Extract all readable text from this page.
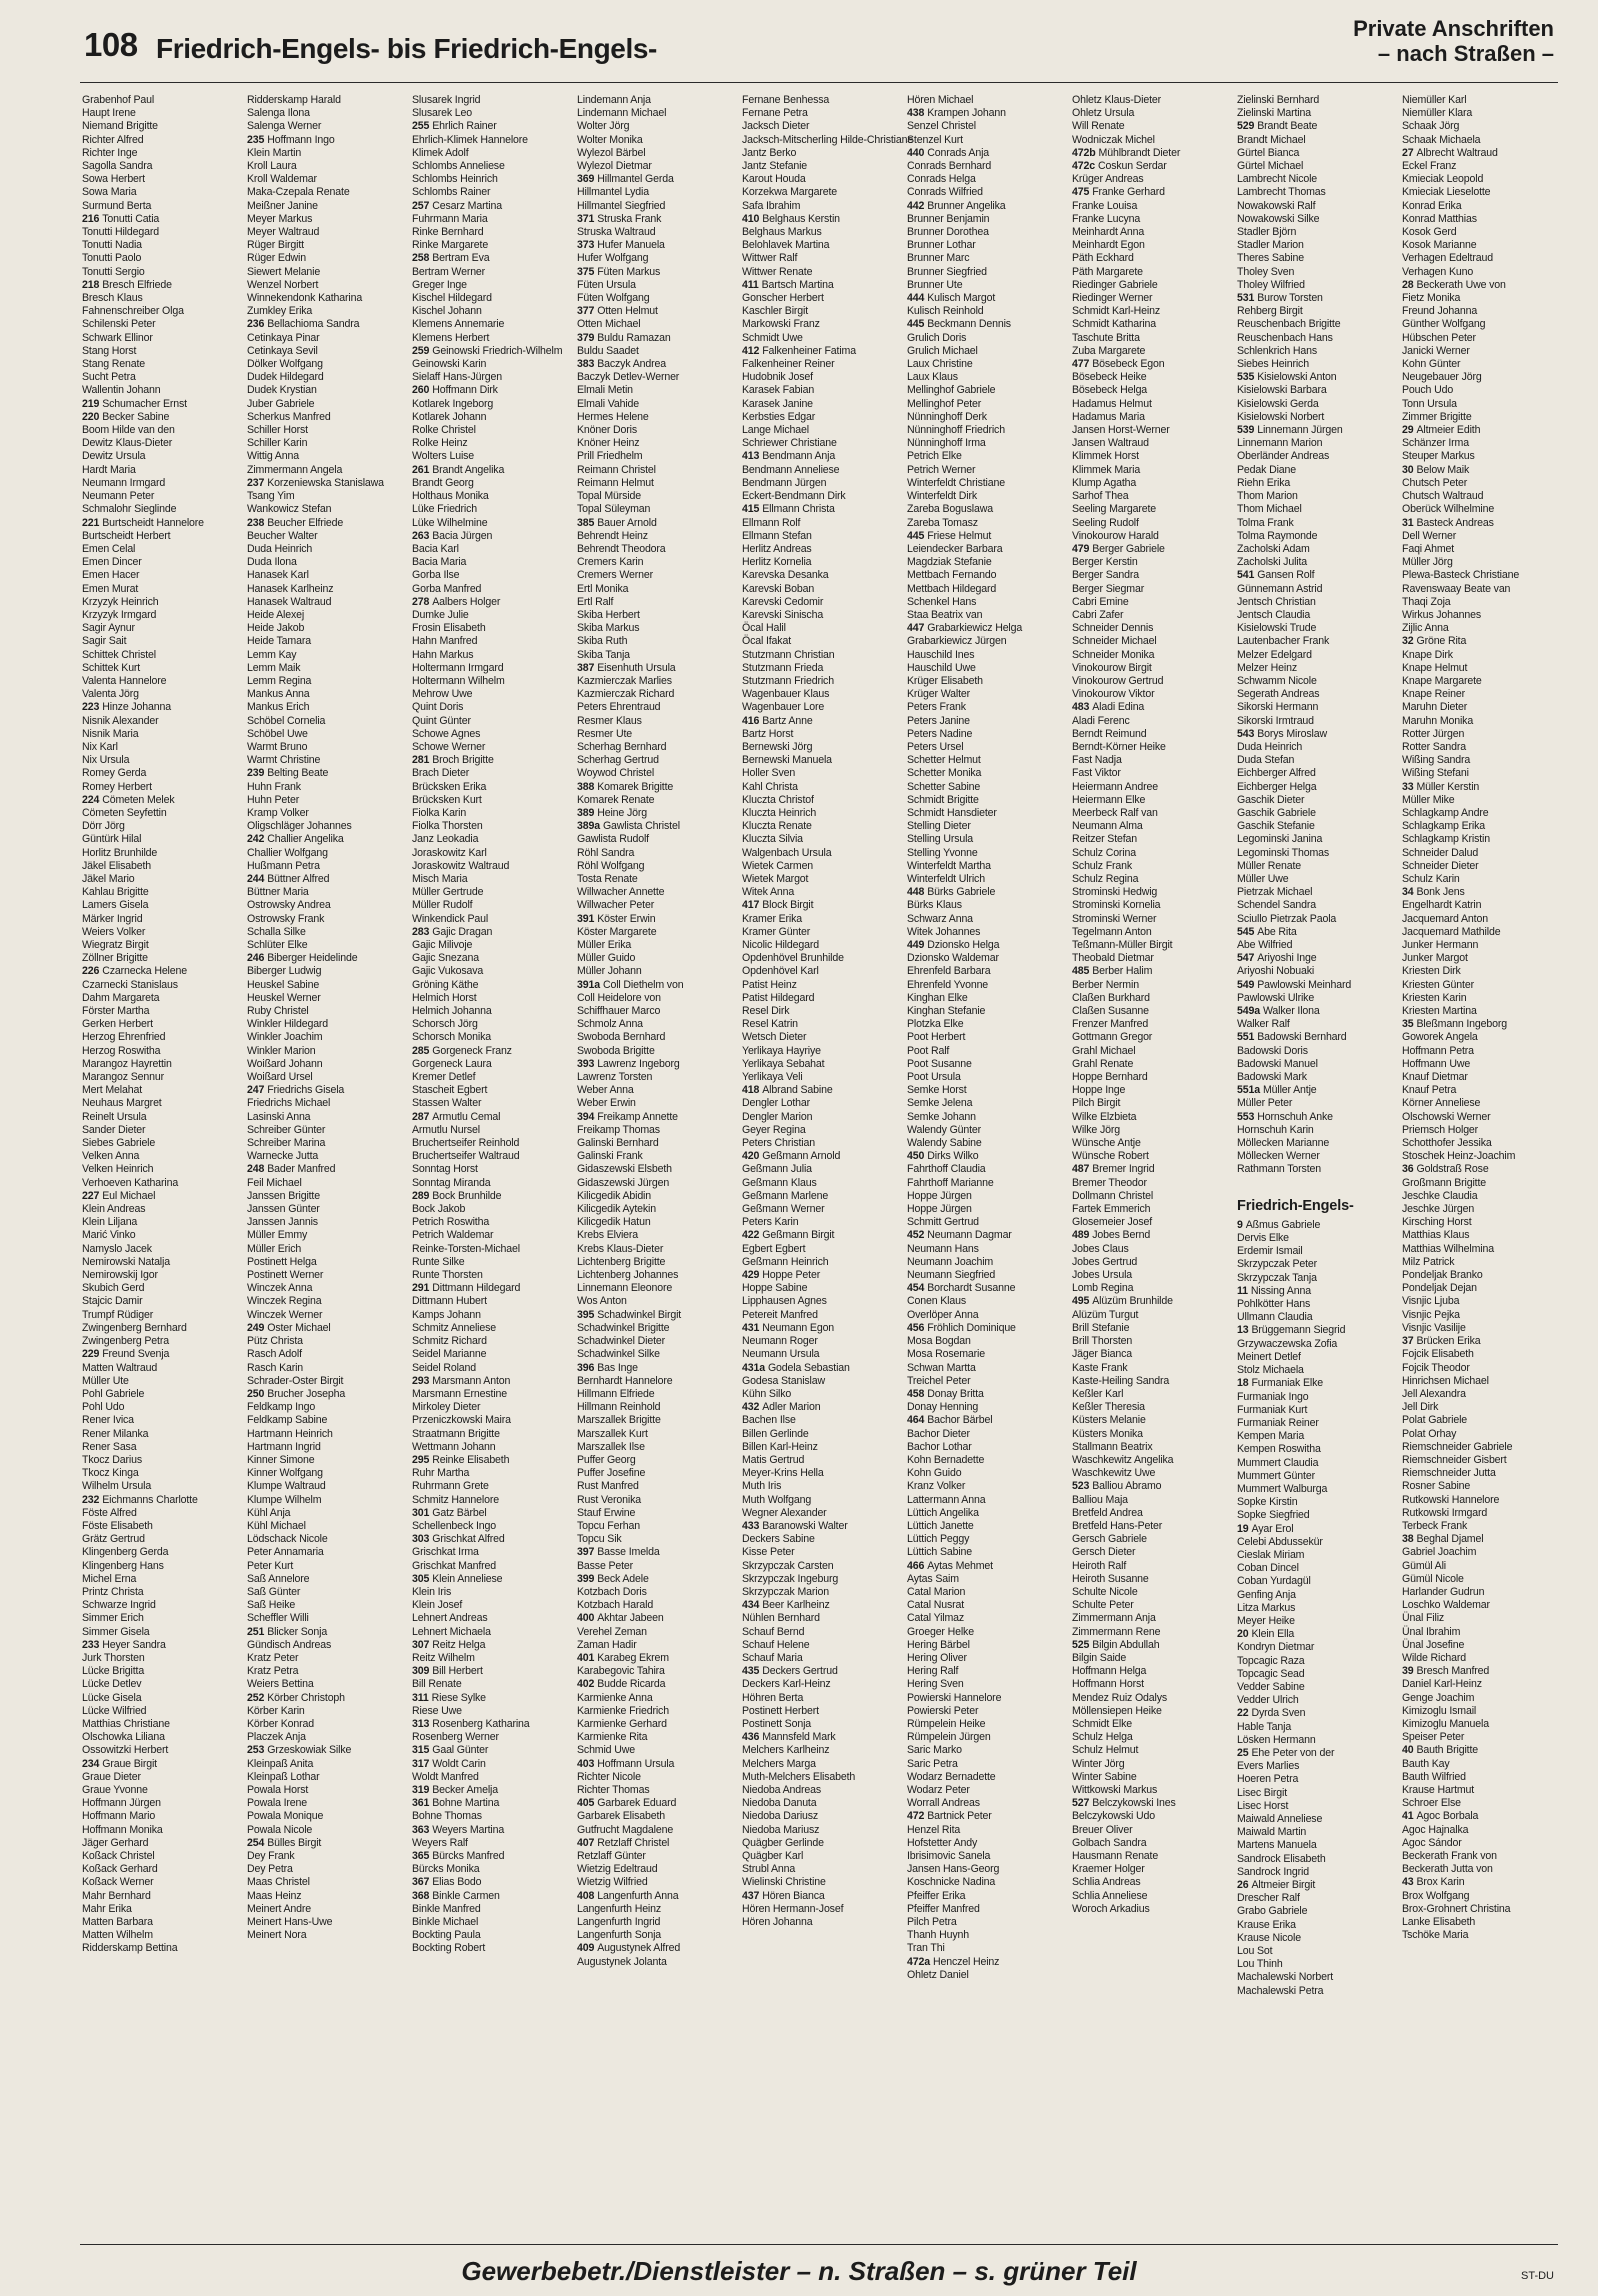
108 Friedrich-Engels- bis Friedrich-Engels-
Private Anschriften
– nach Straßen –
Grabenhof Paul
Haupt Irene
Niemand Brigitte
Richter Alfred
Richter Inge
Sagolla Sandra
Sowa Herbert
Sowa Maria
Surmund Berta
216 Tonutti Catia
Tonutti Hildegard
Tonutti Nadia
Tonutti Paolo
Tonutti Sergio
218 Bresch Elfriede
Bresch Klaus
Fahnenschreiber Olga
Schilenski Peter
Schwark Ellinor
Stang Horst
Stang Renate
Sucht Petra
Wallentin Johann
219 Schumacher Ernst
220 Becker Sabine
Boom Hilde van den
Dewitz Klaus-Dieter
Dewitz Ursula
Hardt Maria
Neumann Irmgard
Neumann Peter
Schmalohr Sieglinde
221 Burtscheidt Hannelore
Burtscheidt Herbert
Emen Celal
Emen Dincer
Emen Hacer
Emen Murat
Krzyzyk Heinrich
Krzyzyk Irmgard
Sagir Aynur
Sagir Sait
Schittek Christel
Schittek Kurt
Valenta Hannelore
Valenta Jörg
223 Hinze Johanna
Nisnik Alexander
Nisnik Maria
Nix Karl
Nix Ursula
Romey Gerda
Romey Herbert
224 Cömeten Melek
Cömeten Seyfettin
Dörr Jörg
Güntürk Hilal
Horlitz Brunhilde
Jäkel Elisabeth
Jäkel Mario
Kahlau Brigitte
Lamers Gisela
Märker Ingrid
Weiers Volker
Wiegratz Birgit
Zöllner Brigitte
226 Czarnecka Helene
Czarnecki Stanislaus
Dahm Margareta
Förster Martha
Gerken Herbert
Herzog Ehrenfried
Herzog Roswitha
Marangoz Hayrettin
Marangoz Sennur
Mert Melahat
Neuhaus Margret
Reinelt Ursula
Sander Dieter
Siebes Gabriele
Velken Anna
Velken Heinrich
Verhoeven Katharina
227 Eul Michael
Klein Andreas
Klein Liljana
Marić Vinko
Namyslo Jacek
Nemirowski Natalja
Nemirowskij Igor
Skubich Gerd
Stajcic Damir
Trumpf Rüdiger
Zwingenberg Bernhard
Zwingenberg Petra
229 Freund Svenja
Matten Waltraud
Müller Ute
Pohl Gabriele
Pohl Udo
Rener Ivica
Rener Milanka
Rener Sasa
Tkocz Darius
Tkocz Kinga
Wilhelm Ursula
232 Eichmanns Charlotte
Föste Alfred
Föste Elisabeth
Grätz Gertrud
Klingenberg Gerda
Klingenberg Hans
Michel Erna
Printz Christa
Schwarze Ingrid
Simmer Erich
Simmer Gisela
233 Heyer Sandra
Jurk Thorsten
Lücke Brigitta
Lücke Detlev
Lücke Gisela
Lücke Wilfried
Matthias Christiane
Olschowka Liliana
Ossowitzki Herbert
234 Graue Birgit
Graue Dieter
Graue Yvonne
Hoffmann Jürgen
Hoffmann Mario
Hoffmann Monika
Jäger Gerhard
Koßack Christel
Koßack Gerhard
Koßack Werner
Mahr Bernhard
Mahr Erika
Matten Barbara
Matten Wilhelm
Ridderskamp Bettina
Ridderskamp Harald
Salenga Ilona
Salenga Werner
235 Hoffmann Ingo
Klein Martin
Kroll Laura
Kroll Waldemar
Maka-Czepala Renate
Meißner Janine
Meyer Markus
Meyer Waltraud
Rüger Birgitt
Rüger Edwin
Siewert Melanie
Wenzel Norbert
Winnekendonk Katharina
Zumkley Erika
236 Bellachioma Sandra
Cetinkaya Pinar
Cetinkaya Sevil
Dölker Wolfgang
Dudek Hildegard
Dudek Krystian
Juber Gabriele
Scherkus Manfred
Schiller Horst
Schiller Karin
Wittig Anna
Zimmermann Angela
237 Korzeniewska Stanislawa
Tsang Yim
Wankowicz Stefan
238 Beucher Elfriede
Beucher Walter
Duda Heinrich
Duda Ilona
Hanasek Karl
Hanasek Karlheinz
Hanasek Waltraud
Heide Alexej
Heide Jakob
Heide Tamara
Lemm Kay
Lemm Maik
Lemm Regina
Mankus Anna
Mankus Erich
Schöbel Cornelia
Schöbel Uwe
Warmt Bruno
Warmt Christine
239 Belting Beate
Huhn Frank
Huhn Peter
Kramp Volker
Oligschläger Johannes
242 Challier Angelika
Challier Wolfgang
Hußmann Petra
244 Büttner Alfred
Büttner Maria
Ostrowsky Andrea
Ostrowsky Frank
Schalla Silke
Schlüter Elke
246 Biberger Heidelinde
Biberger Ludwig
Heuskel Sabine
Heuskel Werner
Ruby Christel
Winkler Hildegard
Winkler Joachim
Winkler Marion
Woißard Johann
Woißard Ursel
247 Friedrichs Gisela
Friedrichs Michael
Lasinski Anna
Schreiber Günter
Schreiber Marina
Warnecke Jutta
248 Bader Manfred
Feil Michael
Janssen Brigitte
Janssen Günter
Janssen Jannis
Müller Emmy
Müller Erich
Postinett Helga
Postinett Werner
Winczek Anna
Winczek Regina
Winczek Werner
249 Oster Michael
Pütz Christa
Rasch Adolf
Rasch Karin
Schrader-Oster Birgit
250 Brucher Josepha
Feldkamp Ingo
Feldkamp Sabine
Hartmann Heinrich
Hartmann Ingrid
Kinner Simone
Kinner Wolfgang
Klumpe Waltraud
Klumpe Wilhelm
Kühl Anja
Kühl Michael
Lödschack Nicole
Peter Annamaria
Peter Kurt
Saß Annelore
Saß Günter
Saß Heike
Scheffler Willi
251 Blicker Sonja
Gündisch Andreas
Kratz Peter
Kratz Petra
Weiers Bettina
252 Körber Christoph
Körber Karin
Körber Konrad
Placzek Anja
253 Grzeskowiak Silke
Kleinpaß Anita
Kleinpaß Lothar
Powala Horst
Powala Irene
Powala Monique
Powala Nicole
254 Bülles Birgit
Dey Frank
Dey Petra
Maas Christel
Maas Heinz
Meinert Andre
Meinert Hans-Uwe
Meinert Nora
Slusarek Ingrid
Slusarek Leo
255 Ehrlich Rainer
Ehrlich-Klimek Hannelore
Klimek Adolf
Schlombs Anneliese
Schlombs Heinrich
Schlombs Rainer
257 Cesarz Martina
Fuhrmann Maria
Rinke Bernhard
Rinke Margarete
258 Bertram Eva
Bertram Werner
Greger Inge
Kischel Hildegard
Kischel Johann
Klemens Annemarie
Klemens Herbert
259 Geinowski Friedrich-Wilhelm
Geinowski Karin
Sielaff Hans-Jürgen
260 Hoffmann Dirk
Kotlarek Ingeborg
Kotlarek Johann
Rolke Christel
Rolke Heinz
Wolters Luise
261 Brandt Angelika
Brandt Georg
Holthaus Monika
Lüke Friedrich
Lüke Wilhelmine
263 Bacia Jürgen
Bacia Karl
Bacia Maria
Gorba Ilse
Gorba Manfred
278 Aalbers Holger
Dumke Julie
Frosin Elisabeth
Hahn Manfred
Hahn Markus
Holtermann Irmgard
Holtermann Wilhelm
Mehrow Uwe
Quint Doris
Quint Günter
Schowe Agnes
Schowe Werner
281 Broch Brigitte
Brach Dieter
Brücksken Erika
Brücksken Kurt
Fiolka Karin
Fiolka Thorsten
Janz Leokadia
Joraskowitz Karl
Joraskowitz Waltraud
Misch Maria
Müller Gertrude
Müller Rudolf
Winkendick Paul
283 Gajic Dragan
Gajic Milivoje
Gajic Snezana
Gajic Vukosava
Gröning Käthe
Helmich Horst
Helmich Johanna
Schorsch Jörg
Schorsch Monika
285 Gorgeneck Franz
Gorgeneck Laura
Kremer Detlef
Stascheit Egbert
Stassen Walter
287 Armutlu Cemal
Armutlu Nursel
Bruchertseifer Reinhold
Bruchertseifer Waltraud
Sonntag Horst
Sonntag Miranda
289 Bock Brunhilde
Bock Jakob
Petrich Roswitha
Petrich Waldemar
Reinke-Torsten-Michael
Runte Silke
Runte Thorsten
291 Dittmann Hildegard
Dittmann Hubert
Kamps Johann
Schmitz Anneliese
Schmitz Richard
Seidel Marianne
Seidel Roland
293 Marsmann Anton
Marsmann Ernestine
Mirkoley Dieter
Przeniczkowski Maira
Straatmann Brigitte
Wettmann Johann
295 Reinke Elisabeth
Ruhr Martha
Ruhrmann Grete
Schmitz Hannelore
301 Gatz Bärbel
Schellenbeck Ingo
303 Grischkat Alfred
Grischkat Irma
Grischkat Manfred
305 Klein Anneliese
Klein Iris
Klein Josef
Lehnert Andreas
Lehnert Michaela
307 Reitz Helga
Reitz Wilhelm
309 Bill Herbert
Bill Renate
311 Riese Sylke
Riese Uwe
313 Rosenberg Katharina
Rosenberg Werner
315 Gaal Günter
317 Woldt Carin
Woldt Manfred
319 Becker Amelja
361 Bohne Martina
Bohne Thomas
363 Weyers Martina
Weyers Ralf
365 Bürcks Manfred
Bürcks Monika
367 Elias Bodo
368 Binkle Carmen
Binkle Manfred
Binkle Michael
Bockting Paula
Bockting Robert
Lindemann Anja
Lindemann Michael
Wolter Jörg
Wolter Monika
Wylezol Bärbel
Wylezol Dietmar
369 Hillmantel Gerda
Hillmantel Lydia
Hillmantel Siegfried
371 Struska Frank
Struska Waltraud
373 Hufer Manuela
Hufer Wolfgang
375 Füten Markus
Füten Ursula
Füten Wolfgang
377 Otten Helmut
Otten Michael
379 Buldu Ramazan
Buldu Saadet
383 Baczyk Andrea
Baczyk Detlev-Werner
Elmali Metin
Elmali Vahide
Hermes Helene
Knöner Doris
Knöner Heinz
Prill Friedhelm
Reimann Christel
Reimann Helmut
Topal Mürside
Topal Süleyman
385 Bauer Arnold
Behrendt Heinz
Behrendt Theodora
Cremers Karin
Cremers Werner
Ertl Monika
Ertl Ralf
Skiba Herbert
Skiba Markus
Skiba Ruth
Skiba Tanja
387 Eisenhuth Ursula
Kazmierczak Marlies
Kazmierczak Richard
Peters Ehrentraud
Resmer Klaus
Resmer Ute
Scherhag Bernhard
Scherhag Gertrud
Woywod Christel
388 Komarek Brigitte
Komarek Renate
389 Heine Jörg
389a Gawlista Christel
Gawlista Rudolf
Röhl Sandra
Röhl Wolfgang
Tosta Renate
Willwacher Annette
Willwacher Peter
391 Köster Erwin
Köster Margarete
Müller Erika
Müller Guido
Müller Johann
391a Coll Diethelm von
Coll Heidelore von
Schiffhauer Marco
Schmolz Anna
Swoboda Bernhard
Swoboda Brigitte
393 Lawrenz Ingeborg
Lawrenz Torsten
Weber Anna
Weber Erwin
394 Freikamp Annette
Freikamp Thomas
Galinski Bernhard
Galinski Frank
Gidaszewski Elsbeth
Gidaszewski Jürgen
Kilicgedik Abidin
Kilicgedik Aytekin
Kilicgedik Hatun
Krebs Elviera
Krebs Klaus-Dieter
Lichtenberg Brigitte
Lichtenberg Johannes
Linnemann Eleonore
Wos Anton
395 Schadwinkel Birgit
Schadwinkel Brigitte
Schadwinkel Dieter
Schadwinkel Silke
396 Bas Inge
Bernhardt Hannelore
Hillmann Elfriede
Hillmann Reinhold
Marszallek Brigitte
Marszallek Kurt
Marszallek Ilse
Puffer Georg
Puffer Josefine
Rust Manfred
Rust Veronika
Stauf Erwine
Topcu Ferhan
Topcu Sik
397 Basse Imelda
Basse Peter
399 Beck Adele
Kotzbach Doris
Kotzbach Harald
400 Akhtar Jabeen
Verehel Zeman
Zaman Hadir
401 Karabeg Ekrem
Karabegovic Tahira
402 Budde Ricarda
Karmienke Anna
Karmienke Friedrich
Karmienke Gerhard
Karmienke Rita
Schmid Uwe
403 Hoffmann Ursula
Richter Nicole
Richter Thomas
405 Garbarek Eduard
Garbarek Elisabeth
Gutfrucht Magdalene
407 Retzlaff Christel
Retzlaff Günter
Wietzig Edeltraud
Wietzig Wilfried
408 Langenfurth Anna
Langenfurth Heinz
Langenfurth Ingrid
Langenfurth Sonja
409 Augustynek Alfred
Augustynek Jolanta
Fernane Benhessa
Fernane Petra
Jacksch Dieter
Jacksch-Mitscherling Hilde-Christiane
Jantz Berko
Jantz Stefanie
Karout Houda
Korzekwa Margarete
Safa Ibrahim
410 Belghaus Kerstin
Belghaus Markus
Belohlavek Martina
Wittwer Ralf
Wittwer Renate
411 Bartsch Martina
Gonscher Herbert
Kaschler Birgit
Markowski Franz
Schmidt Uwe
412 Falkenheiner Fatima
Falkenheiner Reiner
Hudobnik Josef
Karasek Fabian
Karasek Janine
Kerbsties Edgar
Lange Michael
Schriewer Christiane
413 Bendmann Anja
Bendmann Anneliese
Bendmann Jürgen
Eckert-Bendmann Dirk
415 Ellmann Christa
Ellmann Rolf
Ellmann Stefan
Herlitz Andreas
Herlitz Kornelia
Karevska Desanka
Karevski Boban
Karevski Cedomir
Karevski Sinischa
Öcal Halil
Öcal Ifakat
Stutzmann Christian
Stutzmann Frieda
Stutzmann Friedrich
Wagenbauer Klaus
Wagenbauer Lore
416 Bartz Anne
Bartz Horst
Bernewski Jörg
Bernewski Manuela
Holler Sven
Kahl Christa
Kluczta Christof
Kluczta Heinrich
Kluczta Renate
Kluczta Silvia
Walgenbach Ursula
Wietek Carmen
Wietek Margot
Witek Anna
417 Block Birgit
Kramer Erika
Kramer Günter
Nicolic Hildegard
Opdenhövel Brunhilde
Opdenhövel Karl
Patist Heinz
Patist Hildegard
Resel Dirk
Resel Katrin
Wetsch Dieter
Yerlikaya Hayriye
Yerlikaya Sebahat
Yerlikaya Veli
418 Albrand Sabine
Dengler Lothar
Dengler Marion
Geyer Regina
Peters Christian
420 Geßmann Arnold
Geßmann Julia
Geßmann Klaus
Geßmann Marlene
Geßmann Werner
Peters Karin
422 Geßmann Birgit
Egbert Egbert
Geßmann Heinrich
429 Hoppe Peter
Hoppe Sabine
Lipphausen Agnes
Petereit Manfred
431 Neumann Egon
Neumann Roger
Neumann Ursula
431a Godela Sebastian
Godesa Stanislaw
Kühn Silko
432 Adler Marion
Bachen Ilse
Billen Gerlinde
Billen Karl-Heinz
Matis Gertrud
Meyer-Krins Hella
Muth Iris
Muth Wolfgang
Wegner Alexander
433 Baranowski Walter
Deckers Sabine
Kisse Peter
Skrzypczak Carsten
Skrzypczak Ingeburg
Skrzypczak Marion
434 Beer Karlheinz
Nühlen Bernhard
Schauf Bernd
Schauf Helene
Schauf Maria
435 Deckers Gertrud
Deckers Karl-Heinz
Höhren Berta
Postinett Herbert
Postinett Sonja
436 Mannsfeld Mark
Melchers Karlheinz
Melchers Marga
Muth-Melchers Elisabeth
Niedoba Andreas
Niedoba Danuta
Niedoba Dariusz
Niedoba Mariusz
Quägber Gerlinde
Quägber Karl
Strubl Anna
Wielinski Christine
437 Hören Bianca
Hören Hermann-Josef
Hören Johanna
Hören Michael
438 Krampen Johann
Senzel Christel
Stenzel Kurt
440 Conrads Anja
Conrads Bernhard
Conrads Helga
Conrads Wilfried
442 Brunner Angelika
Brunner Benjamin
Brunner Dorothea
Brunner Lothar
Brunner Marc
Brunner Siegfried
Brunner Ute
444 Kulisch Margot
Kulisch Reinhold
445 Beckmann Dennis
Grulich Doris
Grulich Michael
Laux Christine
Laux Klaus
Mellinghof Gabriele
Mellinghof Peter
Nünninghoff Derk
Nünninghoff Friedrich
Nünninghoff Irma
Petrich Elke
Petrich Werner
Winterfeldt Christiane
Winterfeldt Dirk
Zareba Boguslawa
Zareba Tomasz
445 Friese Helmut
Leiendecker Barbara
Magdziak Stefanie
Mettbach Fernando
Mettbach Hildegard
Schenkel Hans
Staa Beatrix van
447 Grabarkiewicz Helga
Grabarkiewicz Jürgen
Hauschild Ines
Hauschild Uwe
Krüger Elisabeth
Krüger Walter
Peters Frank
Peters Janine
Peters Nadine
Peters Ursel
Schetter Helmut
Schetter Monika
Schetter Sabine
Schmidt Brigitte
Schmidt Hansdieter
Stelling Dieter
Stelling Ursula
Stelling Yvonne
Winterfeldt Martha
Winterfeldt Ulrich
448 Bürks Gabriele
Bürks Klaus
Schwarz Anna
Witek Johannes
449 Dzionsko Helga
Dzionsko Waldemar
Ehrenfeld Barbara
Ehrenfeld Yvonne
Kinghan Elke
Kinghan Stefanie
Plotzka Elke
Poot Herbert
Poot Ralf
Poot Susanne
Poot Ursula
Semke Horst
Semke Jelena
Semke Johann
Walendy Günter
Walendy Sabine
450 Dirks Wilko
Fahrthoff Claudia
Fahrthoff Marianne
Hoppe Jürgen
Hoppe Jürgen
Schmitt Gertrud
452 Neumann Dagmar
Neumann Hans
Neumann Joachim
Neumann Siegfried
454 Borchardt Susanne
Conen Klaus
Overlöper Anna
456 Fröhlich Dominique
Mosa Bogdan
Mosa Rosemarie
Schwan Martta
Treichel Peter
458 Donay Britta
Donay Henning
464 Bachor Bärbel
Bachor Dieter
Bachor Lothar
Kohn Bernadette
Kohn Guido
Kranz Volker
Lattermann Anna
Lüttich Angelika
Lüttich Janette
Lüttich Peggy
Lüttich Sabine
466 Aytas Mehmet
Aytas Saim
Catal Marion
Catal Nusrat
Catal Yilmaz
Groeger Helke
Hering Bärbel
Hering Oliver
Hering Ralf
Hering Sven
Powierski Hannelore
Powierski Peter
Rümpelein Heike
Rümpelein Jürgen
Saric Marko
Saric Petra
Wodarz Bernadette
Wodarz Peter
Worrall Andreas
472 Bartnick Peter
Henzel Rita
Hofstetter Andy
Ibrisimovic Sanela
Jansen Hans-Georg
Koschnicke Nadina
Pfeiffer Erika
Pfeiffer Manfred
Pilch Petra
Thanh Huynh
Tran Thi
472a Henczel Heinz
Ohletz Daniel
Ohletz Klaus-Dieter
Ohletz Ursula
Will Renate
Wodniczak Michel
472b Mühlbrandt Dieter
472c Coskun Serdar
Krüger Andreas
475 Franke Gerhard
Franke Louisa
Franke Lucyna
Meinhardt Anna
Meinhardt Egon
Päth Eckhard
Päth Margarete
Riedinger Gabriele
Riedinger Werner
Schmidt Karl-Heinz
Schmidt Katharina
Taschute Britta
Zuba Margarete
477 Bösebeck Egon
Bösebeck Heike
Bösebeck Helga
Hadamus Helmut
Hadamus Maria
Jansen Horst-Werner
Jansen Waltraud
Klimmek Horst
Klimmek Maria
Klump Agatha
Sarhof Thea
Seeling Margarete
Seeling Rudolf
Vinokourow Harald
479 Berger Gabriele
Berger Kerstin
Berger Sandra
Berger Siegmar
Cabri Emine
Cabri Zafer
Schneider Dennis
Schneider Michael
Schneider Monika
Vinokourow Birgit
Vinokourow Gertrud
Vinokourow Viktor
483 Aladi Edina
Aladi Ferenc
Berndt Reimund
Berndt-Körner Heike
Fast Nadja
Fast Viktor
Heiermann Andree
Heiermann Elke
Meerbeck Ralf van
Neumann Alma
Reitzer Stefan
Schulz Corina
Schulz Frank
Schulz Regina
Strominski Hedwig
Strominski Kornelia
Strominski Werner
Tegelmann Anton
Teßmann-Müller Birgit
Theobald Dietmar
485 Berber Halim
Berber Nermin
Claßen Burkhard
Claßen Susanne
Frenzer Manfred
Gottmann Gregor
Grahl Michael
Grahl Renate
Hoppe Bernhard
Hoppe Inge
Pilch Birgit
Wilke Elzbieta
Wilke Jörg
Wünsche Antje
Wünsche Robert
487 Bremer Ingrid
Bremer Theodor
Dollmann Christel
Fartek Emmerich
Glosemeier Josef
489 Jobes Bernd
Jobes Claus
Jobes Gertrud
Jobes Ursula
Lomb Regina
495 Alüzüm Brunhilde
Alüzüm Turgut
Brill Stefanie
Brill Thorsten
Jäger Bianca
Kaste Frank
Kaste-Heiling Sandra
Keßler Karl
Keßler Theresia
Küsters Melanie
Küsters Monika
Stallmann Beatrix
Waschkewitz Angelika
Waschkewitz Uwe
523 Balliou Abramo
Balliou Maja
Bretfeld Andrea
Bretfeld Hans-Peter
Gersch Gabriele
Gersch Dieter
Heiroth Ralf
Heiroth Susanne
Schulte Nicole
Schulte Peter
Zimmermann Anja
Zimmermann Rene
525 Bilgin Abdullah
Bilgin Saide
Hoffmann Helga
Hoffmann Horst
Mendez Ruiz Odalys
Möllensiepen Heike
Schmidt Elke
Schulz Helga
Schulz Helmut
Winter Jörg
Winter Sabine
Wittkowski Markus
527 Belczykowski Ines
Belczykowski Udo
Breuer Oliver
Golbach Sandra
Hausmann Renate
Kraemer Holger
Schlia Andreas
Schlia Anneliese
Woroch Arkadius
Zielinski Bernhard
Zielinski Martina
529 Brandt Beate
Brandt Michael
Gürtel Bianca
Gürtel Michael
Lambrecht Nicole
Lambrecht Thomas
Nowakowski Ralf
Nowakowski Silke
Stadler Björn
Stadler Marion
Theres Sabine
Tholey Sven
Tholey Wilfried
531 Burow Torsten
Rehberg Birgit
Reuschenbach Brigitte
Reuschenbach Hans
Schlenkrich Hans
Siebes Heinrich
535 Kisielowski Anton
Kisielowski Barbara
Kisielowski Gerda
Kisielowski Norbert
539 Linnemann Jürgen
Linnemann Marion
Oberländer Andreas
Pedak Diane
Riehn Erika
Thom Marion
Thom Michael
Tolma Frank
Tolma Raymonde
Zacholski Adam
Zacholski Julita
541 Gansen Rolf
Günnemann Astrid
Jentsch Christian
Jentsch Claudia
Kisielowski Trude
Lautenbacher Frank
Melzer Edelgard
Melzer Heinz
Schwamm Nicole
Segerath Andreas
Sikorski Hermann
Sikorski Irmtraud
543 Borys Miroslaw
Duda Heinrich
Duda Stefan
Eichberger Alfred
Eichberger Helga
Gaschik Dieter
Gaschik Gabriele
Gaschik Stefanie
Legominski Janina
Legominski Thomas
Müller Renate
Müller Uwe
Pietrzak Michael
Schendel Sandra
Sciullo Pietrzak Paola
545 Abe Rita
Abe Wilfried
547 Ariyoshi Inge
Ariyoshi Nobuaki
549 Pawlowski Meinhard
Pawlowski Ulrike
549a Walker Ilona
Walker Ralf
551 Badowski Bernhard
Badowski Doris
Badowski Manuel
Badowski Mark
551a Müller Antje
Müller Peter
553 Hornschuh Anke
Hornschuh Karin
Möllecken Marianne
Möllecken Werner
Rathmann Torsten

Friedrich-Engels-
9 Aßmus Gabriele
Dervis Elke
Erdemir Ismail
Skrzypczak Peter
Skrzypczak Tanja
11 Nissing Anna
Pohlkötter Hans
Ullmann Claudia
13 Brüggemann Siegrid
Grzywaczewska Zofia
Meinert Detlef
Stolz Michaela
18 Furmaniak Elke
Furmaniak Ingo
Furmaniak Kurt
Furmaniak Reiner
Kempen Maria
Kempen Roswitha
Mummert Claudia
Mummert Günter
Mummert Walburga
Sopke Kirstin
Sopke Siegfried
19 Ayar Erol
Celebi Abdussekür
Cieslak Miriam
Coban Dincel
Coban Yurdagül
Genfing Anja
Litza Markus
Meyer Heike
20 Klein Ella
Kondryn Dietmar
Topcagic Raza
Topcagic Sead
Vedder Sabine
Vedder Ulrich
22 Dyrda Sven
Hable Tanja
Lösken Hermann
25 Ehe Peter von der
Evers Marlies
Hoeren Petra
Lisec Birgit
Lisec Horst
Maiwald Anneliese
Maiwald Martin
Martens Manuela
Sandrock Elisabeth
Sandrock Ingrid
26 Altmeier Birgit
Drescher Ralf
Grabo Gabriele
Krause Erika
Krause Nicole
Lou Sot
Lou Thinh
Machalewski Norbert
Machalewski Petra
Niemüller Karl
Niemüller Klara
Schaak Jörg
Schaak Michaela
27 Albrecht Waltraud
Eckel Franz
Kmieciak Leopold
Kmieciak Lieselotte
Konrad Erika
Konrad Matthias
Kosok Gerd
Kosok Marianne
Verhagen Edeltraud
Verhagen Kuno
28 Beckerath Uwe von
Fietz Monika
Freund Johanna
Günther Wolfgang
Hübschen Peter
Janicki Werner
Kohn Günter
Neugebauer Jörg
Pouch Udo
Tonn Ursula
Zimmer Brigitte
29 Altmeier Edith
Schänzer Irma
Steuper Markus
30 Below Maik
Chutsch Peter
Chutsch Waltraud
Oberück Wilhelmine
31 Basteck Andreas
Dell Werner
Faqi Ahmet
Müller Jörg
Plewa-Basteck Christiane
Ravenswaay Beate van
Thaqi Zoja
Wirkus Johannes
Zijlic Anna
32 Gröne Rita
Knape Dirk
Knape Helmut
Knape Margarete
Knape Reiner
Maruhn Dieter
Maruhn Monika
Rotter Jürgen
Rotter Sandra
Wißing Sandra
Wißing Stefani
33 Müller Kerstin
Müller Mike
Schlagkamp Andre
Schlagkamp Erika
Schlagkamp Kristin
Schneider Dalud
Schneider Dieter
Schulz Karin
34 Bonk Jens
Engelhardt Katrin
Jacquemard Anton
Jacquemard Mathilde
Junker Hermann
Junker Margot
Kriesten Dirk
Kriesten Günter
Kriesten Karin
Kriesten Martina
35 Bleßmann Ingeborg
Goworek Angela
Hoffmann Petra
Hoffmann Uwe
Knauf Dietmar
Knauf Petra
Körner Anneliese
Olschowski Werner
Priemsch Holger
Schotthofer Jessika
Stoschek Heinz-Joachim
36 Goldstraß Rose
Großmann Brigitte
Jeschke Claudia
Jeschke Jürgen
Kirsching Horst
Matthias Klaus
Matthias Wilhelmina
Milz Patrick
Pondeljak Branko
Pondeljak Dejan
Visnjic Ljuba
Visnjic Pejka
Visnjic Vasilije
37 Brücken Erika
Fojcik Elisabeth
Fojcik Theodor
Hinrichsen Michael
Jell Alexandra
Jell Dirk
Polat Gabriele
Polat Orhay
Riemschneider Gabriele
Riemschneider Gisbert
Riemschneider Jutta
Rosner Sabine
Rutkowski Hannelore
Rutkowski Irmgard
Terbeck Frank
38 Beghal Djamel
Gabriel Joachim
Gümül Ali
Gümül Nicole
Harlander Gudrun
Loschko Waldemar
Ünal Filiz
Ünal Ibrahim
Ünal Josefine
Wilde Richard
39 Bresch Manfred
Daniel Karl-Heinz
Genge Joachim
Kimizoglu Ismail
Kimizoglu Manuela
Speiser Peter
40 Bauth Brigitte
Bauth Kay
Bauth Wilfried
Krause Hartmut
Schroer Else
41 Agoc Borbala
Agoc Hajnalka
Agoc Sándor
Beckerath Frank von
Beckerath Jutta von
43 Brox Karin
Brox Wolfgang
Brox-Grohnert Christina
Lanke Elisabeth
Tschöke Maria
Gewerbebetr./Dienstleister – n. Straßen – s. grüner Teil	ST-DU
